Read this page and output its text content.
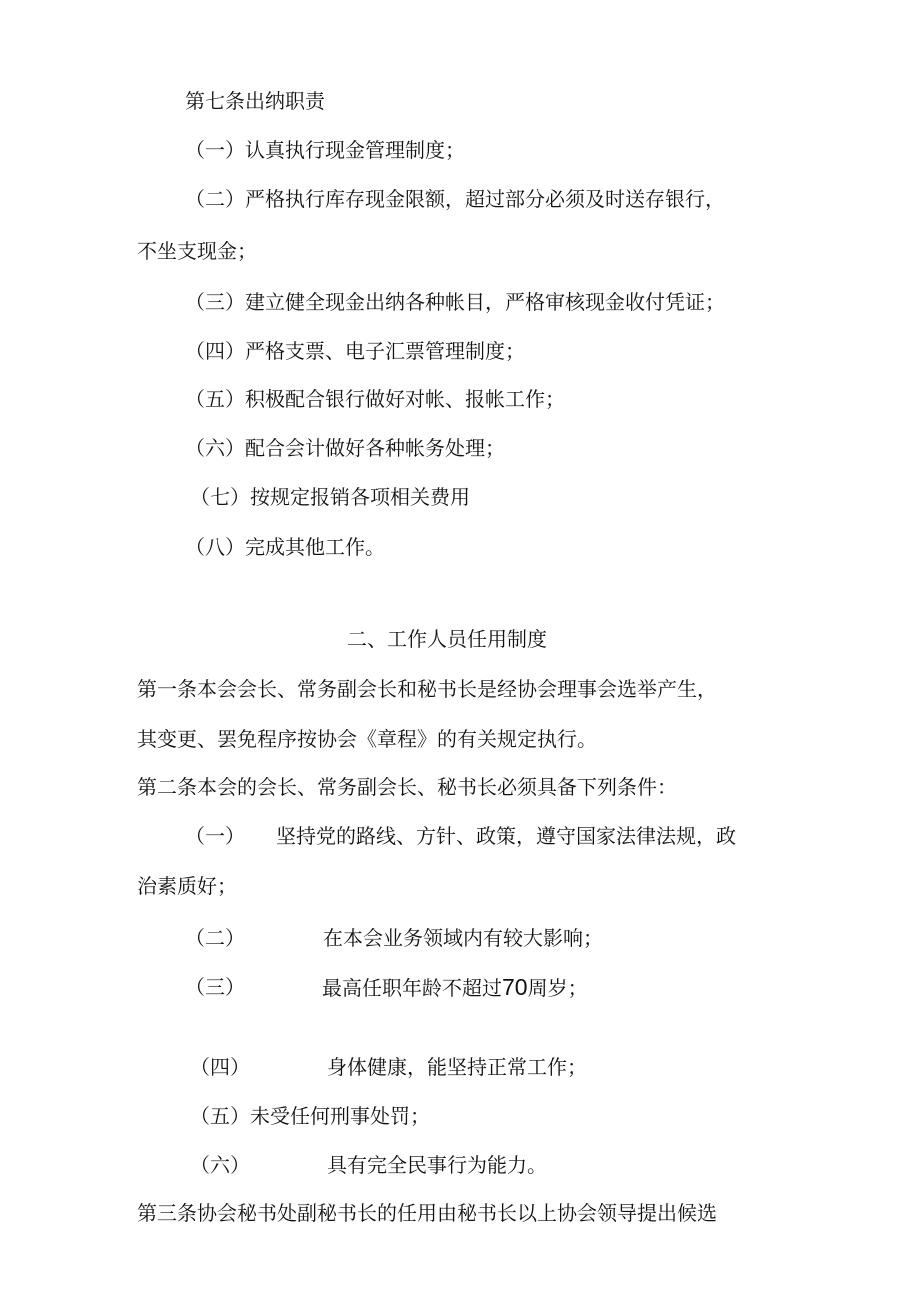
第七条出纳职责
（一）认真执行现金管理制度；
（二）严格执行库存现金限额，超过部分必须及时送存银行，
不坐支现金；
（三）建立健全现金出纳各种帐目，严格审核现金收付凭证；
（四）严格支票、电子汇票管理制度；
（五）积极配合银行做好对帐、报帐工作；
（六）配合会计做好各种帐务处理；
（七）按规定报销各项相关费用
（八）完成其他工作。
二、工作人员任用制度
第一条本会会长、常务副会长和秘书长是经协会理事会选举产生，
其变更、罢免程序按协会《章程》的有关规定执行。
第二条本会的会长、常务副会长、秘书长必须具备下列条件：
（一） 坚持党的路线、方针、政策，遵守国家法律法规，政
治素质好；
（二）	在本会业务领域内有较大影响；
（三）	最高任职年龄不超过70周岁；
（四）	身体健康，能坚持正常工作；
（五）未受任何刑事处罚；
（六）	具有完全民事行为能力。
第三条协会秘书处副秘书长的任用由秘书长以上协会领导提出候选
